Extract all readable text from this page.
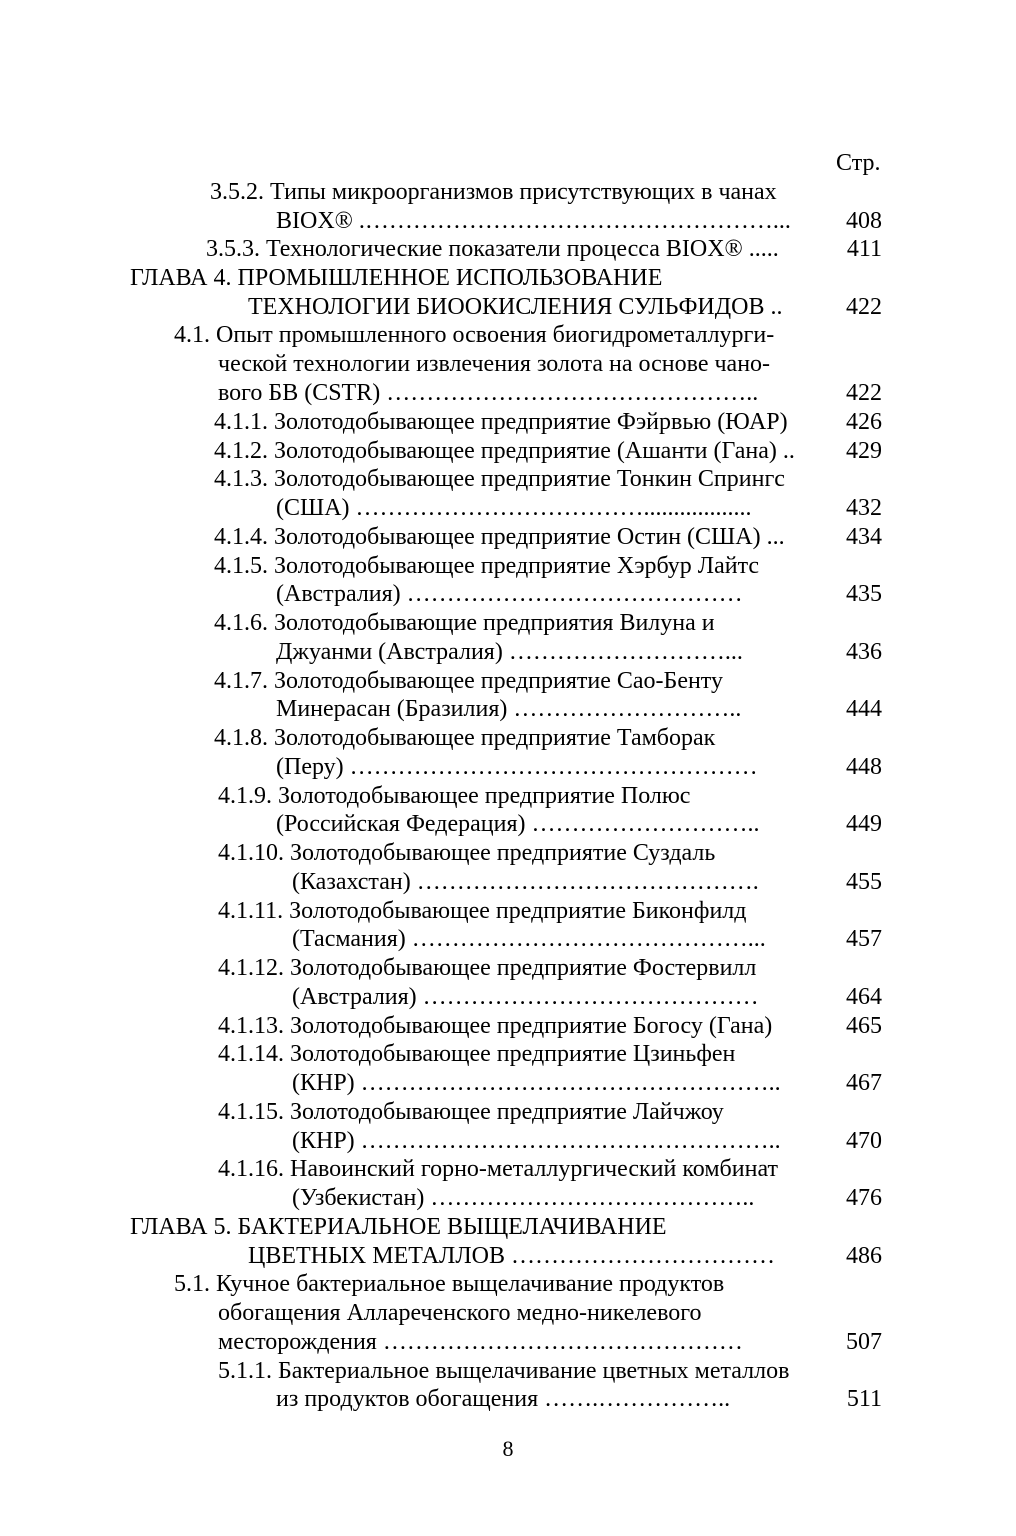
Стр.
3.5.2. Типы микроорганизмов присутствующих в чанах
BIOX® .……………………………………………...	408
3.5.3. Технологические показатели процесса BIOX® .....	411
ГЛАВА 4. ПРОМЫШЛЕННОЕ ИСПОЛЬЗОВАНИЕ
ТЕХНОЛОГИИ БИООКИСЛЕНИЯ СУЛЬФИДОВ ..	422
4.1. Опыт промышленного освоения биогидрометаллурги-
ческой технологии извлечения золота на основе чано-
вого БВ (CSTR) ………………………………………..	422
4.1.1. Золотодобывающее предприятие Фэйрвью (ЮАР)	426
4.1.2. Золотодобывающее предприятие (Ашанти (Гана) ..	429
4.1.3. Золотодобывающее предприятие Тонкин Спрингс
(США) ………………………………..................	432
4.1.4. Золотодобывающее предприятие Остин (США) ...	434
4.1.5. Золотодобывающее предприятие Хэрбур Лайтс
(Австралия) ……………………………………	435
4.1.6. Золотодобывающие предприятия Вилуна и
Джуанми (Австралия) ………………………...	436
4.1.7. Золотодобывающее предприятие Сао-Бенту
Минерасан (Бразилия) ………………………..	444
4.1.8. Золотодобывающее предприятие Тамборак
(Перу) ……………………………………………	448
4.1.9. Золотодобывающее предприятие Полюс
(Российская Федерация) ………………………..	449
4.1.10. Золотодобывающее предприятие Суздаль
(Казахстан) …………………………………….	455
4.1.11. Золотодобывающее предприятие Биконфилд
(Тасмания) ……………………………………...	457
4.1.12. Золотодобывающее предприятие Фостервилл
(Австралия) ……………………………………	464
4.1.13. Золотодобывающее предприятие Богосу (Гана)	465
4.1.14. Золотодобывающее предприятие Цзиньфен
(КНР) ……………………………………………..	467
4.1.15. Золотодобывающее предприятие Лайчжоу
(КНР) ……………………………………………..	470
4.1.16. Навоинский горно-металлургический комбинат
(Узбекистан) …………………………………..	476
ГЛАВА 5. БАКТЕРИАЛЬНОЕ ВЫЩЕЛАЧИВАНИЕ
ЦВЕТНЫХ МЕТАЛЛОВ ……………………………	486
5.1. Кучное бактериальное выщелачивание продуктов
обогащения Аллареченского медно-никелевого
месторождения ………………………………………	507
5.1.1. Бактериальное выщелачивание цветных металлов
из продуктов обогащения …….……………..	511
8
